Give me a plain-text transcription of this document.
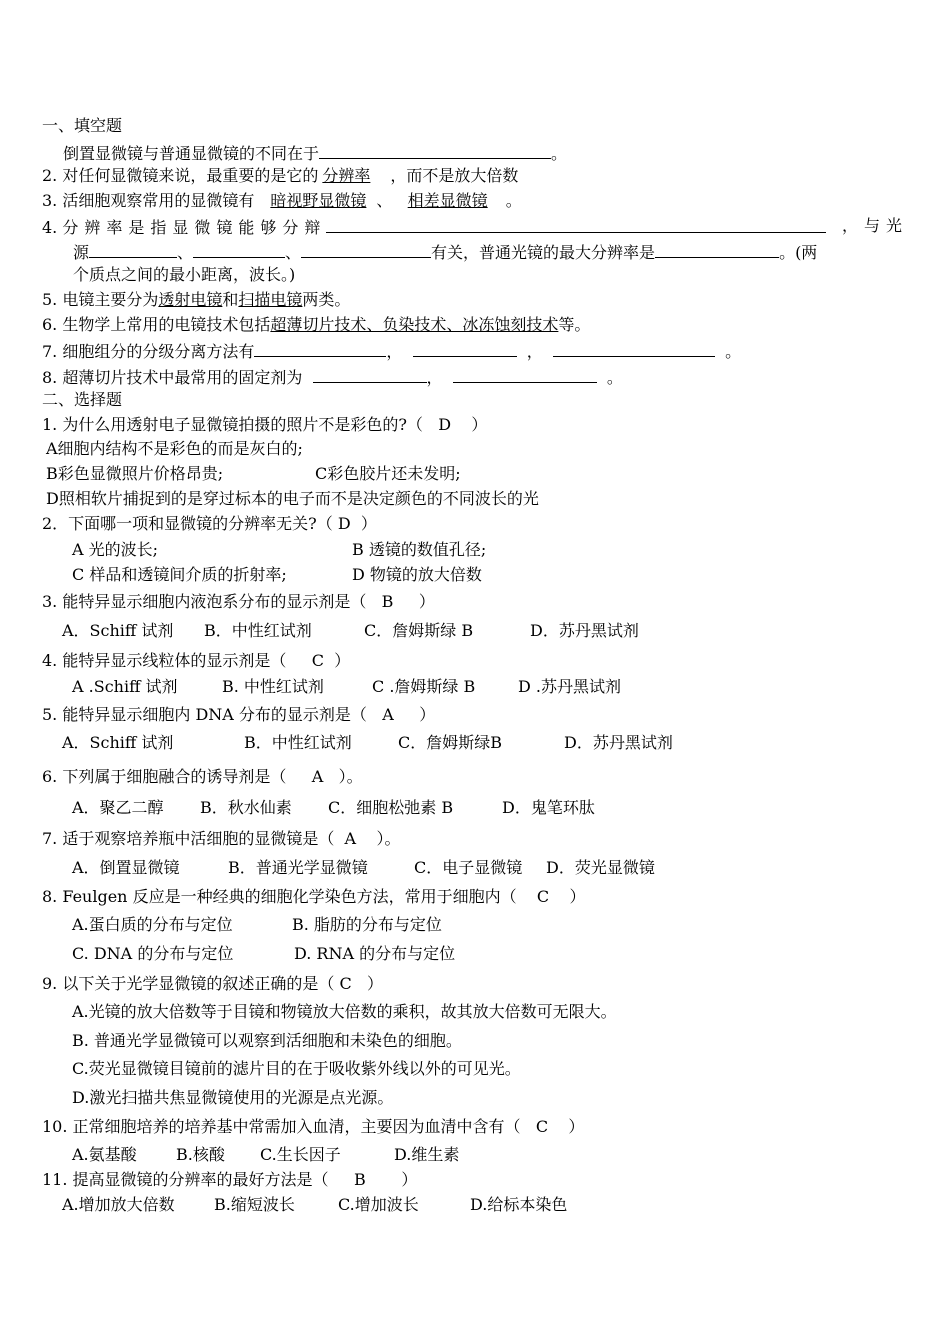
一、填空题
倒置显微镜与普通显微镜的不同在于	。
2. 对任何显微镜来说，最重要的是它的 分辨率 ，而不是放大倍数
3. 活细胞观察常用的显微镜有 暗视野显微镜 、 相差显微镜 。
4. 分辨率是指显微镜能够分辩	，与光
源	、	、	有关，普通光镜的最大分辨率是	。(两
个质点之间的最小距离，波长。)
5. 电镜主要分为透射电镜和扫描电镜两类。
6. 生物学上常用的电镜技术包括超薄切片技术、负染技术、冰冻蚀刻技术等。
7. 细胞组分的分级分离方法有	，	，	。
8. 超薄切片技术中最常用的固定剂为	，	。
二、选择题
1. 为什么用透射电子显微镜拍摄的照片不是彩色的?（ D ）
A细胞内结构不是彩色的而是灰白的;
B彩色显微照片价格昂贵;	C彩色胶片还未发明;
D照相软片捕捉到的是穿过标本的电子而不是决定颜色的不同波长的光
2．下面哪一项和显微镜的分辨率无关?（ D ）
A 光的波长;	B 透镜的数值孔径;
C 样品和透镜间介质的折射率;	D 物镜的放大倍数
3. 能特异显示细胞内液泡系分布的显示剂是（ B ）
A．Schiff 试剂 B．中性红试剂	C．詹姆斯绿 B	D．苏丹黑试剂
4. 能特异显示线粒体的显示剂是（ C ）
A .Schiff 试剂	B. 中性红试剂	C .詹姆斯绿 B	D .苏丹黑试剂
5. 能特异显示细胞内 DNA 分布的显示剂是（ A ）
A．Schiff 试剂	B．中性红试剂	C．詹姆斯绿B	D．苏丹黑试剂
6. 下列属于细胞融合的诱导剂是（ A ）。
A．聚乙二醇 B．秋水仙素 C．细胞松弛素 B	D．鬼笔环肽
7. 适于观察培养瓶中活细胞的显微镜是（ A ）。
A．倒置显微镜	B．普通光学显微镜	C．电子显微镜 D．荧光显微镜
8. Feulgen 反应是一种经典的细胞化学染色方法，常用于细胞内（ C ）
A.蛋白质的分布与定位	B. 脂肪的分布与定位
C. DNA 的分布与定位	D. RNA 的分布与定位
9. 以下关于光学显微镜的叙述正确的是（ C ）
A.光镜的放大倍数等于目镜和物镜放大倍数的乘积，故其放大倍数可无限大。
B. 普通光学显微镜可以观察到活细胞和未染色的细胞。
C.荧光显微镜目镜前的滤片目的在于吸收紫外线以外的可见光。
D.激光扫描共焦显微镜使用的光源是点光源。
10. 正常细胞培养的培养基中常需加入血清，主要因为血清中含有（ C ）
A.氨基酸 B.核酸 C.生长因子	D.维生素
11. 提高显微镜的分辨率的最好方法是（ B ）
A.增加放大倍数 B.缩短波长	C.增加波长	D.给标本染色
